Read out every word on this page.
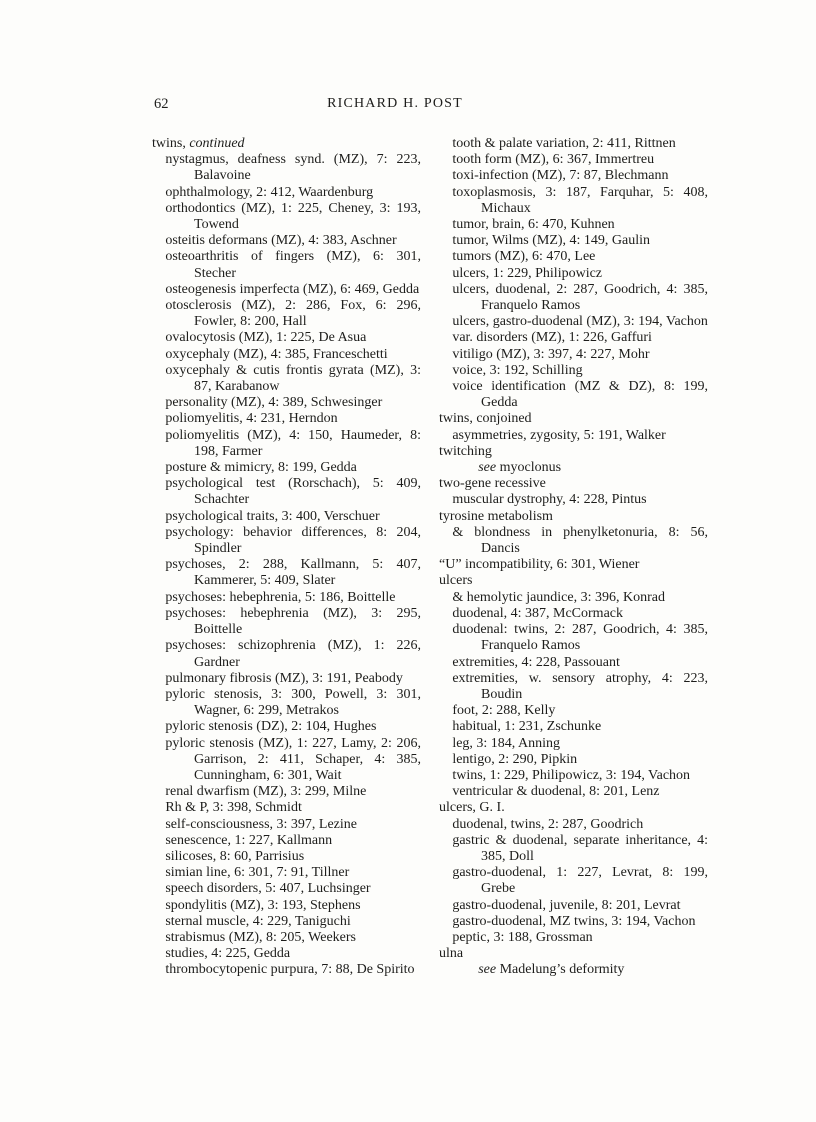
62	RICHARD H. POST
twins, continued
nystagmus, deafness synd. (MZ), 7: 223, Balavoine
ophthalmology, 2: 412, Waardenburg
orthodontics (MZ), 1: 225, Cheney, 3: 193, Towend
osteitis deformans (MZ), 4: 383, Aschner
osteoarthritis of fingers (MZ), 6: 301, Stecher
osteogenesis imperfecta (MZ), 6: 469, Gedda
otosclerosis (MZ), 2: 286, Fox, 6: 296, Fowler, 8: 200, Hall
ovalocytosis (MZ), 1: 225, De Asua
oxycephaly (MZ), 4: 385, Franceschetti
oxycephaly & cutis frontis gyrata (MZ), 3: 87, Karabanow
personality (MZ), 4: 389, Schwesinger
poliomyelitis, 4: 231, Herndon
poliomyelitis (MZ), 4: 150, Haumeder, 8: 198, Farmer
posture & mimicry, 8: 199, Gedda
psychological test (Rorschach), 5: 409, Schachter
psychological traits, 3: 400, Verschuer
psychology: behavior differences, 8: 204, Spindler
psychoses, 2: 288, Kallmann, 5: 407, Kammerer, 5: 409, Slater
psychoses: hebephrenia, 5: 186, Boittelle
psychoses: hebephrenia (MZ), 3: 295, Boittelle
psychoses: schizophrenia (MZ), 1: 226, Gardner
pulmonary fibrosis (MZ), 3: 191, Peabody
pyloric stenosis, 3: 300, Powell, 3: 301, Wagner, 6: 299, Metrakos
pyloric stenosis (DZ), 2: 104, Hughes
pyloric stenosis (MZ), 1: 227, Lamy, 2: 206, Garrison, 2: 411, Schaper, 4: 385, Cunningham, 6: 301, Wait
renal dwarfism (MZ), 3: 299, Milne
Rh & P, 3: 398, Schmidt
self-consciousness, 3: 397, Lezine
senescence, 1: 227, Kallmann
silicoses, 8: 60, Parrisius
simian line, 6: 301, 7: 91, Tillner
speech disorders, 5: 407, Luchsinger
spondylitis (MZ), 3: 193, Stephens
sternal muscle, 4: 229, Taniguchi
strabismus (MZ), 8: 205, Weekers
studies, 4: 225, Gedda
thrombocytopenic purpura, 7: 88, De Spirito
tooth & palate variation, 2: 411, Rittnen
tooth form (MZ), 6: 367, Immertreu
toxi-infection (MZ), 7: 87, Blechmann
toxoplasmosis, 3: 187, Farquhar, 5: 408, Michaux
tumor, brain, 6: 470, Kuhnen
tumor, Wilms (MZ), 4: 149, Gaulin
tumors (MZ), 6: 470, Lee
ulcers, 1: 229, Philipowicz
ulcers, duodenal, 2: 287, Goodrich, 4: 385, Franquelo Ramos
ulcers, gastro-duodenal (MZ), 3: 194, Vachon
var. disorders (MZ), 1: 226, Gaffuri
vitiligo (MZ), 3: 397, 4: 227, Mohr
voice, 3: 192, Schilling
voice identification (MZ & DZ), 8: 199, Gedda
twins, conjoined
asymmetries, zygosity, 5: 191, Walker
twitching
see myoclonus
two-gene recessive
muscular dystrophy, 4: 228, Pintus
tyrosine metabolism
& blondness in phenylketonuria, 8: 56, Dancis
“U” incompatibility, 6: 301, Wiener
ulcers
& hemolytic jaundice, 3: 396, Konrad
duodenal, 4: 387, McCormack
duodenal: twins, 2: 287, Goodrich, 4: 385, Franquelo Ramos
extremities, 4: 228, Passouant
extremities, w. sensory atrophy, 4: 223, Boudin
foot, 2: 288, Kelly
habitual, 1: 231, Zschunke
leg, 3: 184, Anning
lentigo, 2: 290, Pipkin
twins, 1: 229, Philipowicz, 3: 194, Vachon
ventricular & duodenal, 8: 201, Lenz
ulcers, G. I.
duodenal, twins, 2: 287, Goodrich
gastric & duodenal, separate inheritance, 4: 385, Doll
gastro-duodenal, 1: 227, Levrat, 8: 199, Grebe
gastro-duodenal, juvenile, 8: 201, Levrat
gastro-duodenal, MZ twins, 3: 194, Vachon
peptic, 3: 188, Grossman
ulna
see Madelung’s deformity
